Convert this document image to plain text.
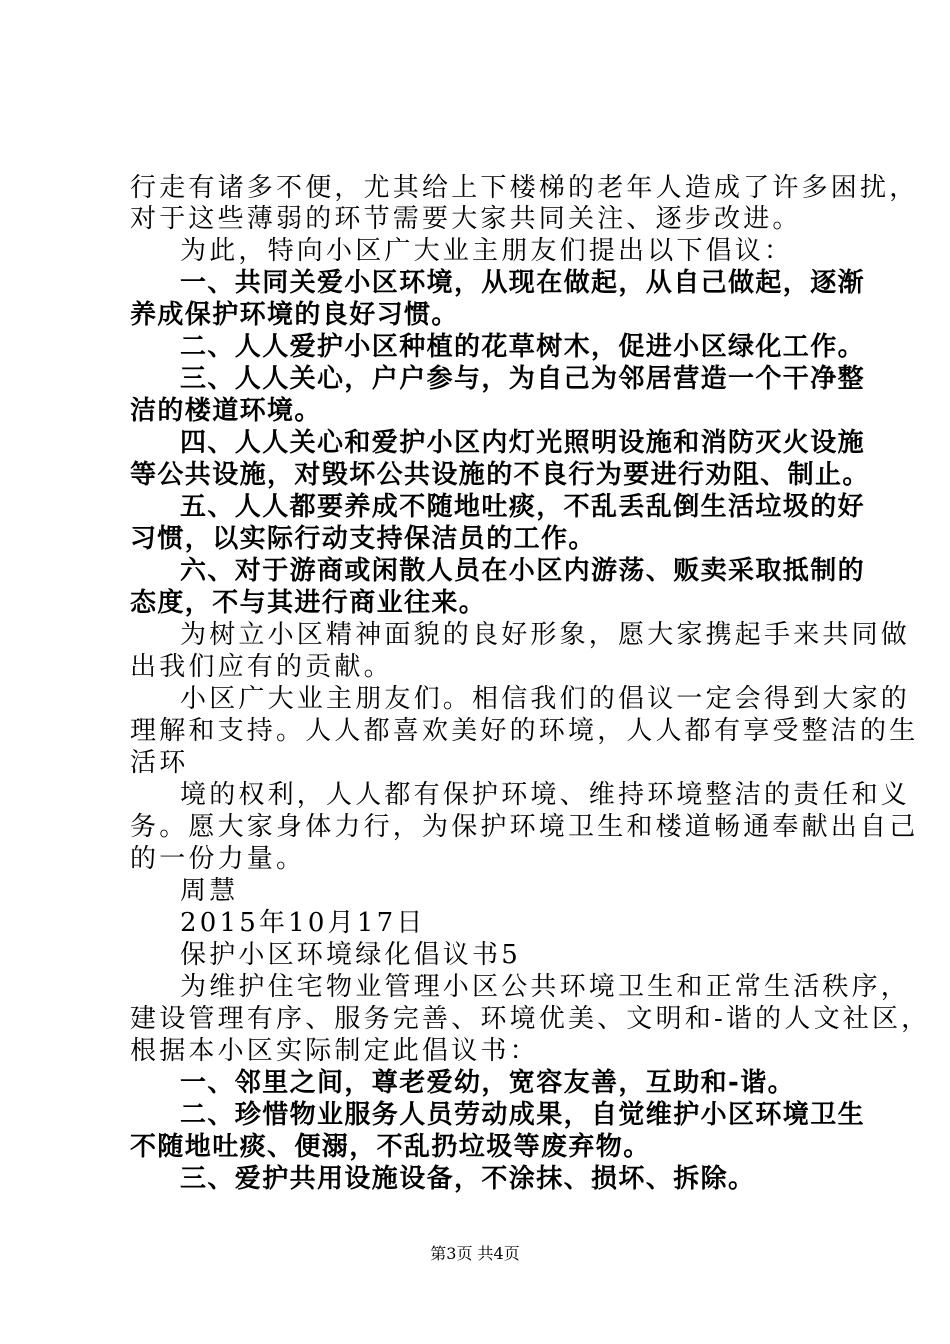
行走有诸多不便，尤其给上下楼梯的老年人造成了许多困扰，
对于这些薄弱的环节需要大家共同关注、逐步改进。
为此，特向小区广大业主朋友们提出以下倡议：
一、共同关爱小区环境，从现在做起，从自己做起，逐渐
养成保护环境的良好习惯。
二、人人爱护小区种植的花草树木，促进小区绿化工作。
三、人人关心，户户参与，为自己为邻居营造一个干净整
洁的楼道环境。
四、人人关心和爱护小区内灯光照明设施和消防灭火设施
等公共设施，对毁坏公共设施的不良行为要进行劝阻、制止。
五、人人都要养成不随地吐痰，不乱丢乱倒生活垃圾的好
习惯，以实际行动支持保洁员的工作。
六、对于游商或闲散人员在小区内游荡、贩卖采取抵制的
态度，不与其进行商业往来。
为树立小区精神面貌的良好形象，愿大家携起手来共同做
出我们应有的贡献。
小区广大业主朋友们。相信我们的倡议一定会得到大家的
理解和支持。人人都喜欢美好的环境，人人都有享受整洁的生
活环
境的权利，人人都有保护环境、维持环境整洁的责任和义
务。愿大家身体力行，为保护环境卫生和楼道畅通奉献出自己
的一份力量。
周慧
2015年10月17日
保护小区环境绿化倡议书5
为维护住宅物业管理小区公共环境卫生和正常生活秩序，
建设管理有序、服务完善、环境优美、文明和-谐的人文社区，
根据本小区实际制定此倡议书：
一、邻里之间，尊老爱幼，宽容友善，互助和-谐。
二、珍惜物业服务人员劳动成果，自觉维护小区环境卫生
不随地吐痰、便溺，不乱扔垃圾等废弃物。
三、爱护共用设施设备，不涂抹、损坏、拆除。
第3页 共4页
